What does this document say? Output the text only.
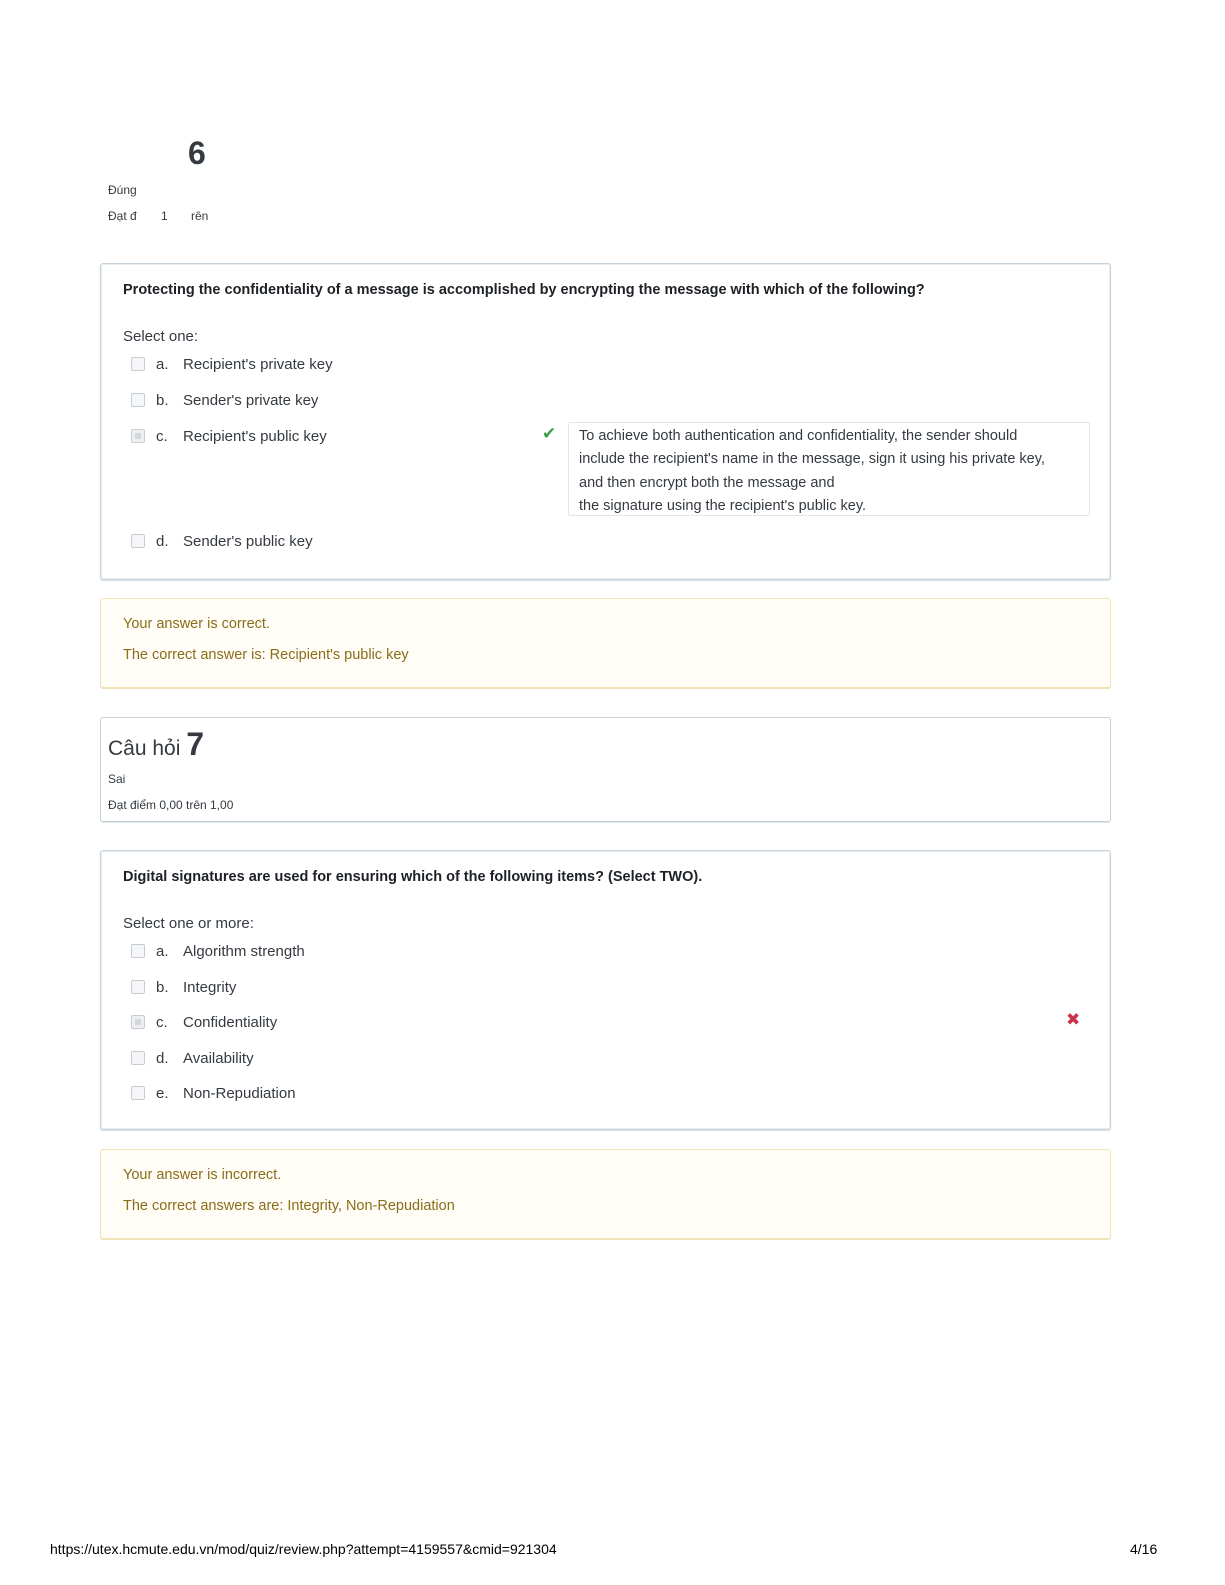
6
Đúng
Đạt đ 1 rên
Protecting the confidentiality of a message is accomplished by encrypting the message with which of the following?
Select one:
a. Recipient's private key
b. Sender's private key
c.	Recipient's public key	✔ To achieve both authentication and confidentiality, the sender should
include the recipient's name in the message, sign it using his private key,
and then encrypt both the message and
the signature using the recipient's public key.
d. Sender's public key
Your answer is correct.
The correct answer is: Recipient's public key
Câu hỏi 7
Sai
Đạt điểm 0,00 trên 1,00
Digital signatures are used for ensuring which of the following items? (Select TWO).
Select one or more:
a. Algorithm strength
b. Integrity
c.	Confidentiality	✖
d. Availability
e. Non-Repudiation
Your answer is incorrect.
The correct answers are: Integrity, Non-Repudiation
https://utex.hcmute.edu.vn/mod/quiz/review.php?attempt=4159557&cmid=921304	4/16
